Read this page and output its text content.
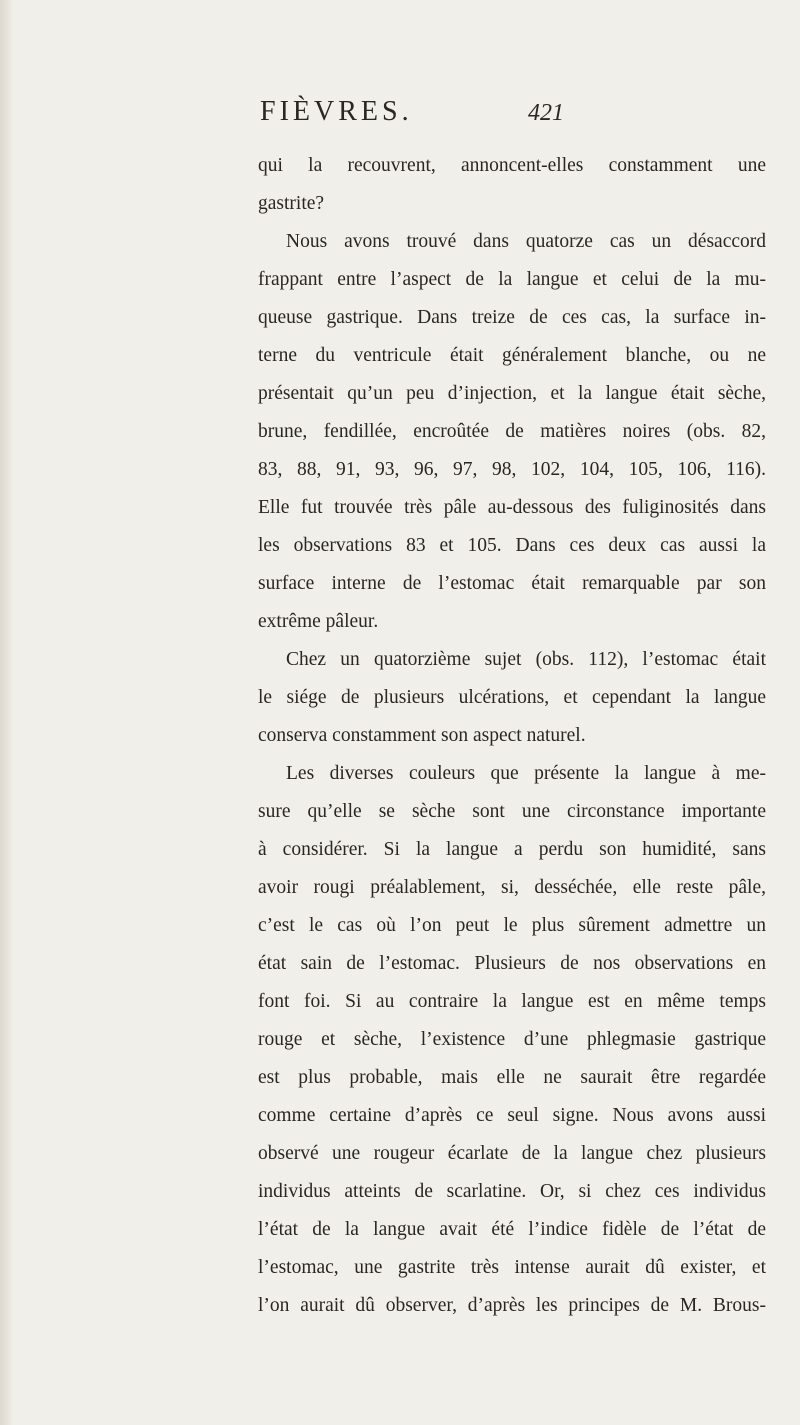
FIÈVRES.	421
qui la recouvrent, annoncent-elles constamment une
gastrite?
Nous avons trouvé dans quatorze cas un désaccord
frappant entre l’aspect de la langue et celui de la mu-
queuse gastrique. Dans treize de ces cas, la surface in-
terne du ventricule était généralement blanche, ou ne
présentait qu’un peu d’injection, et la langue était sèche,
brune, fendillée, encroûtée de matières noires (obs. 82,
83, 88, 91, 93, 96, 97, 98, 102, 104, 105, 106, 116).
Elle fut trouvée très pâle au-dessous des fuliginosités dans
les observations 83 et 105. Dans ces deux cas aussi la
surface interne de l’estomac était remarquable par son
extrême pâleur.
Chez un quatorzième sujet (obs. 112), l’estomac était
le siége de plusieurs ulcérations, et cependant la langue
conserva constamment son aspect naturel.
Les diverses couleurs que présente la langue à me-
sure qu’elle se sèche sont une circonstance importante
à considérer. Si la langue a perdu son humidité, sans
avoir rougi préalablement, si, desséchée, elle reste pâle,
c’est le cas où l’on peut le plus sûrement admettre un
état sain de l’estomac. Plusieurs de nos observations en
font foi. Si au contraire la langue est en même temps
rouge et sèche, l’existence d’une phlegmasie gastrique
est plus probable, mais elle ne saurait être regardée
comme certaine d’après ce seul signe. Nous avons aussi
observé une rougeur écarlate de la langue chez plusieurs
individus atteints de scarlatine. Or, si chez ces individus
l’état de la langue avait été l’indice fidèle de l’état de
l’estomac, une gastrite très intense aurait dû exister, et
l’on aurait dû observer, d’après les principes de M. Brous-
